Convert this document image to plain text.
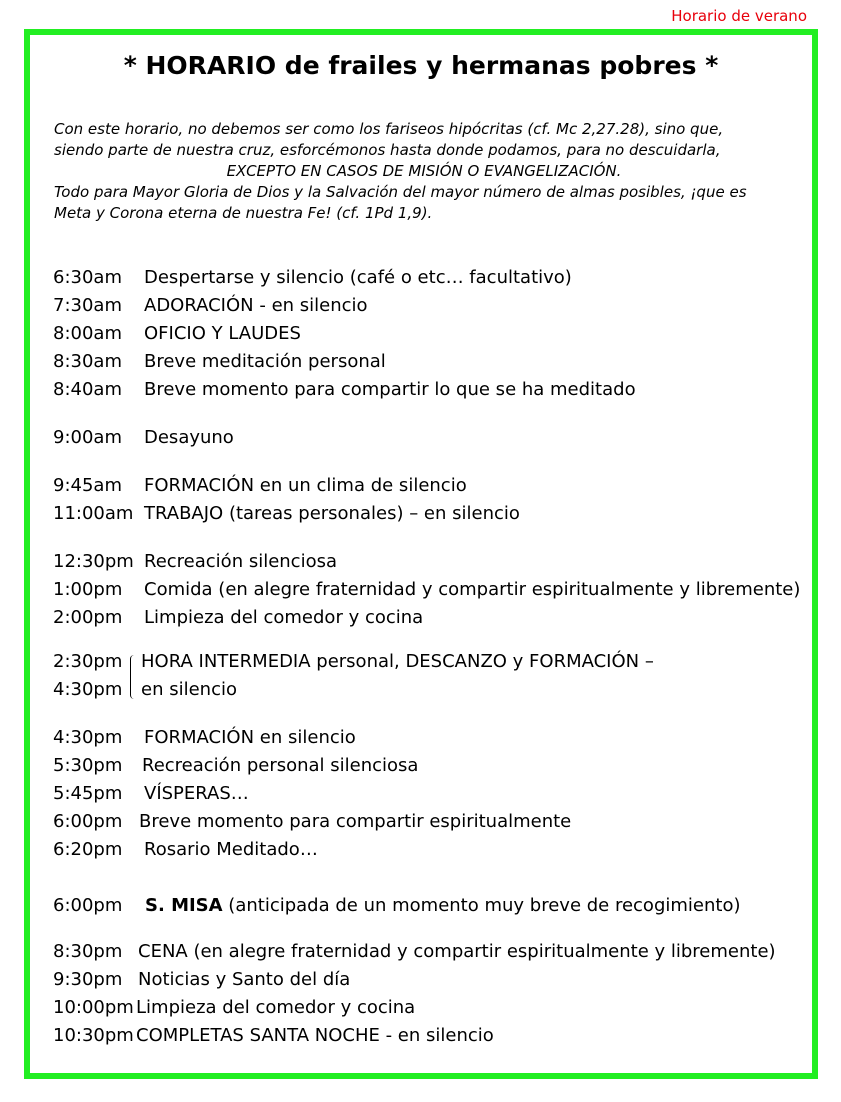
Horario de verano
* HORARIO de frailes y hermanas pobres *

Con este horario, no debemos ser como los fariseos hipócritas (cf. Mc 2,27.28), sino que,

siendo parte de nuestra cruz, esforcémonos hasta donde podamos, para no descuidarla,

EXCEPTO EN CASOS DE MISIÓN O EVANGELIZACIÓN.

Todo para Mayor Gloria de Dios y la Salvación del mayor número de almas posibles, ¡que es

Meta y Corona eterna de nuestra Fe! (cf. 1Pd 1,9).

6:30am Despertarse y silencio (café o etc… facultativo)
7:30am ADORACIÓN - en silencio
8:00am OFICIO Y LAUDES
8:30am Breve meditación personal
8:40am Breve momento para compartir lo que se ha meditado
9:00am Desayuno
9:45am FORMACIÓN en un clima de silencio
11:00am TRABAJO (tareas personales) – en silencio
12:30pm Recreación silenciosa
1:00pm Comida (en alegre fraternidad y compartir espiritualmente y libremente)
2:00pm Limpieza del comedor y cocina
2:30pm
4:30pm
HORA INTERMEDIA personal, DESCANZO y FORMACIÓN –
en silencio
4:30pm FORMACIÓN en silencio
5:30pm Recreación personal silenciosa
5:45pm VÍSPERAS…
6:00pm Breve momento para compartir espiritualmente
6:20pm Rosario Meditado…
6:00pm S. MISA (anticipada de un momento muy breve de recogimiento)
8:30pm CENA (en alegre fraternidad y compartir espiritualmente y libremente)
9:30pm Noticias y Santo del día
10:00pm Limpieza del comedor y cocina
10:30pm COMPLETAS SANTA NOCHE - en silencio
